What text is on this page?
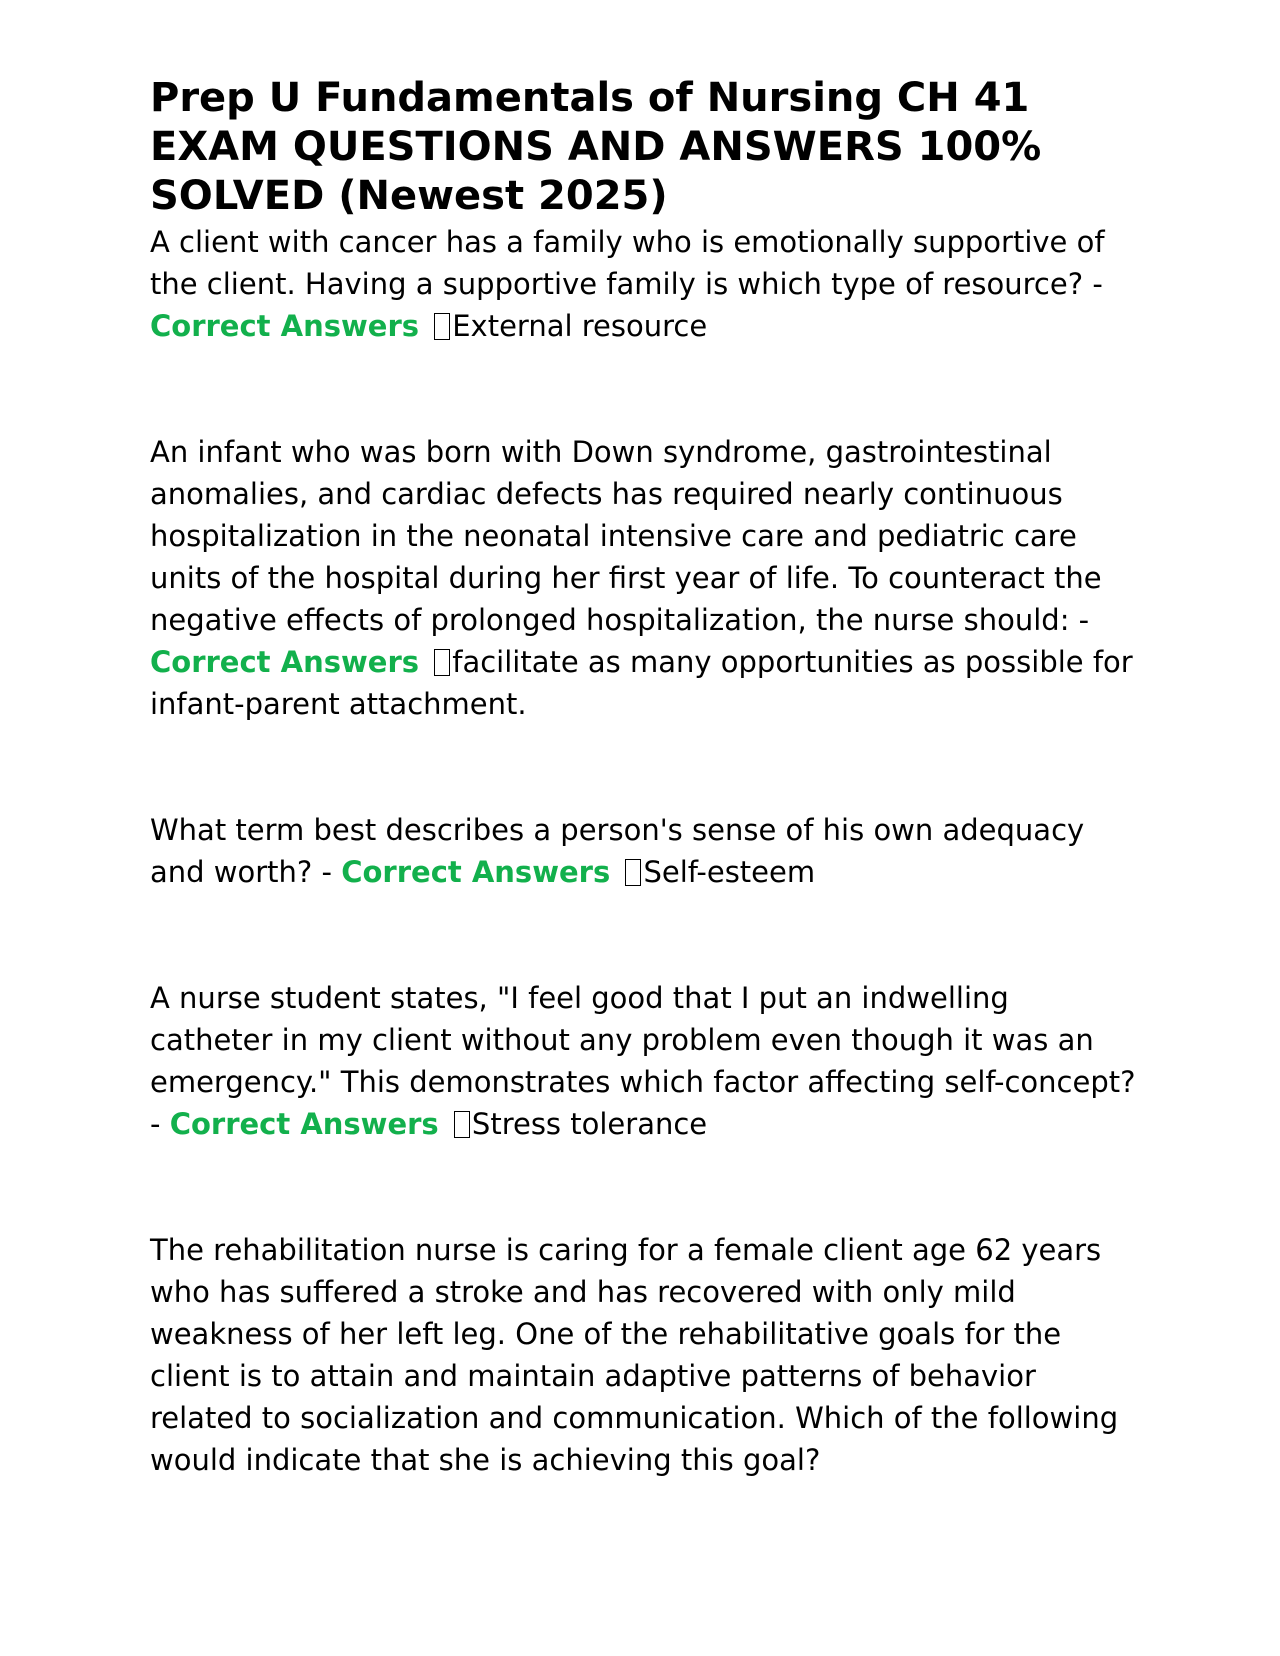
Prep U Fundamentals of Nursing CH 41 EXAM QUESTIONS AND ANSWERS 100% SOLVED (Newest 2025)

A client with cancer has a family who is emotionally supportive of the client. Having a supportive family is which type of resource? - Correct Answers External resource

An infant who was born with Down syndrome, gastrointestinal anomalies, and cardiac defects has required nearly continuous hospitalization in the neonatal intensive care and pediatric care units of the hospital during her first year of life. To counteract the negative effects of prolonged hospitalization, the nurse should: - Correct Answers facilitate as many opportunities as possible for infant-parent attachment.

What term best describes a person's sense of his own adequacy and worth? - Correct Answers Self-esteem

A nurse student states, "I feel good that I put an indwelling catheter in my client without any problem even though it was an emergency." This demonstrates which factor affecting self-concept? - Correct Answers Stress tolerance

The rehabilitation nurse is caring for a female client age 62 years who has suffered a stroke and has recovered with only mild weakness of her left leg. One of the rehabilitative goals for the client is to attain and maintain adaptive patterns of behavior related to socialization and communication. Which of the following would indicate that she is achieving this goal?
